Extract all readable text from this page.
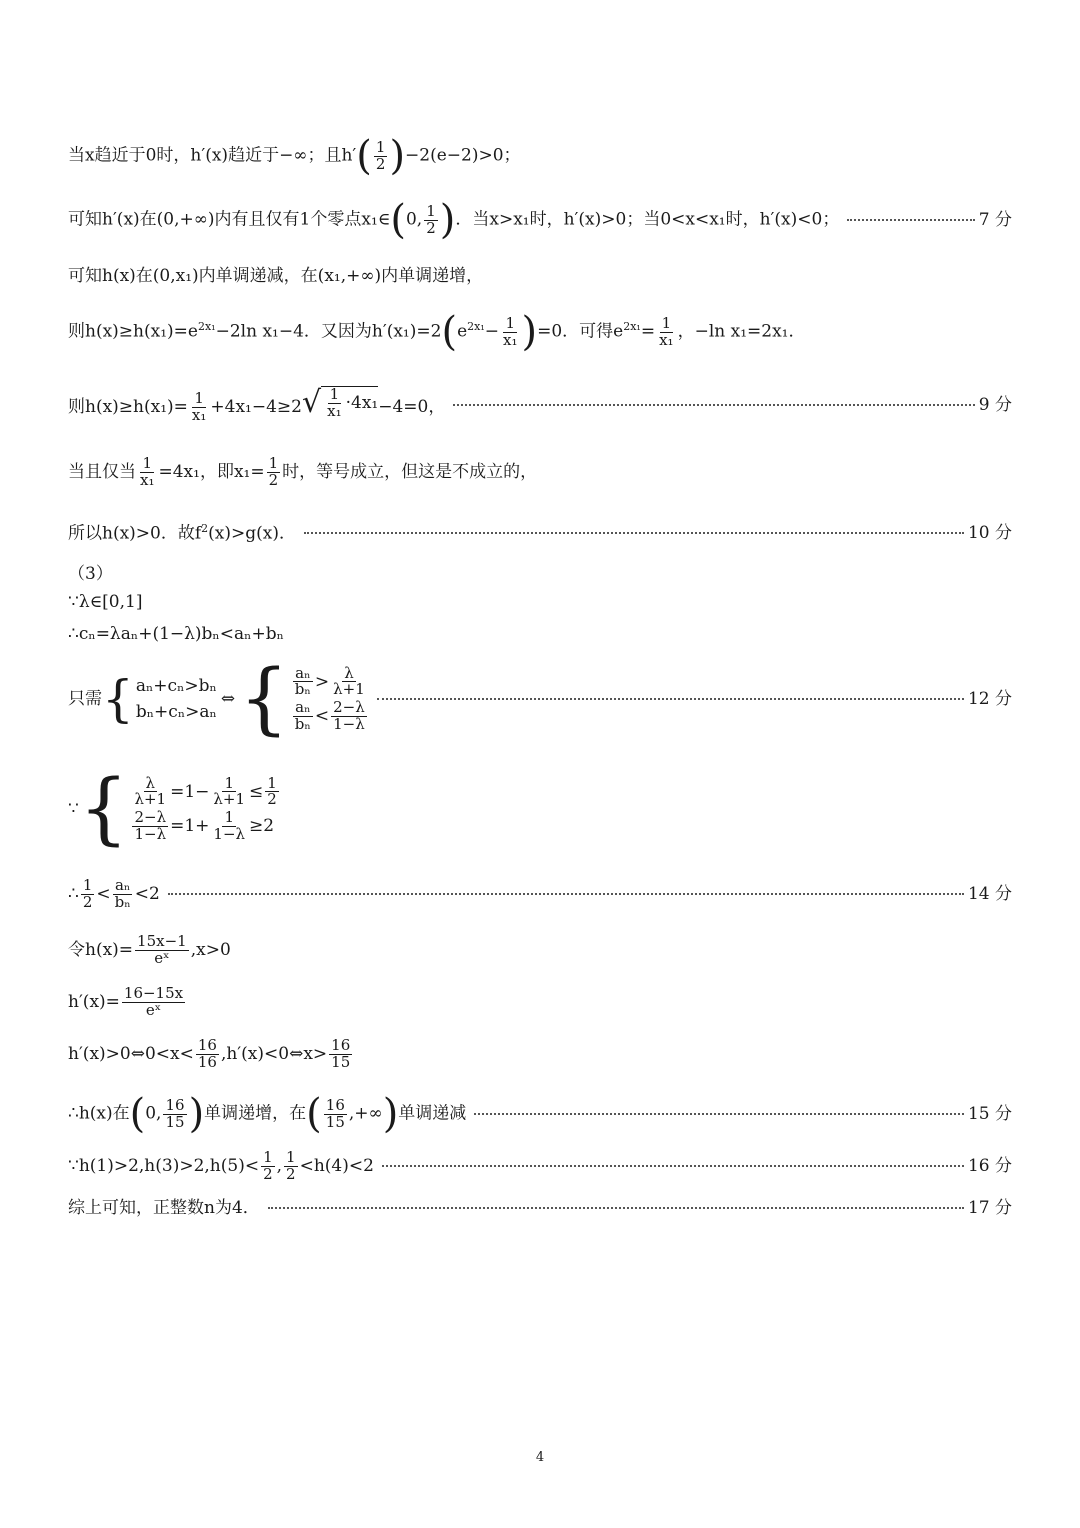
当x趋近于0时，h′(x)趋近于−∞；且$h'( \frac{1}{2} )-2(e-2)>0$；
可知h′(x)在(0,+∞)内有且仅有1个零点x₁∈(0, $\frac{1}{2}$ )．当x>x₁时，h′(x)>0；当0<x<x₁时，h′(x)<0；	7 分
可知h(x)在(0,x₁)内单调递减，在(x₁,+∞)内单调递增，
则$h(x)\ge h(x_1)=e^{2x_1}-2\ln$ x₁−4．又因为$h'(x_1)=2(e^{2x_1}- \frac{1}{\text{x₁}} )=0$．可得$e^{2x_1}= \frac{1}{\text{x₁}}$ ，−ln x₁=2x₁．
则$h(x)\ge h(x_1)= \frac{1}{\text{x₁}} +4x_1-4\ge 2$ √ $\frac{1}{\text{x₁}} \cdot 4x_1 -4=0$，	9 分
当且仅当 $\frac{1}{\text{x₁}} =4x_1$，即$x_1= \frac{1}{2}$ 时，等号成立，但这是不成立的，
所以h(x)>0．故$f^2(x)>g(x)$．	10 分
（3）
∵λ∈[0,1]
∴cₙ=λaₙ+(1−λ)bₙ<aₙ+bₙ
只需 { aₙ+cₙ>bₙ
bₙ+cₙ>aₙ
⇔ { $\frac{\text{aₙ}}{\text{bₙ}} > \frac{\lambda}{\lambda+1}$
$\frac{\text{aₙ}}{\text{bₙ}} < \frac{2-\lambda}{1-\lambda}$
12 分
∵ { $\frac{\lambda}{\lambda+1} =1- \frac{1}{\lambda+1} \le \frac{1}{2}$
$\frac{2-\lambda}{1-\lambda} =1+ \frac{1}{1-\lambda} \ge 2$
∴ $\frac{1}{2} < \frac{\text{aₙ}}{\text{bₙ}} <2$	14 分
令$h(x)= \frac{15x-1}{\text{eˣ}} ,x>0$
$h'(x)= \frac{16-15x}{\text{eˣ}}$
h′(x)>0⇔0<x< $\frac{16}{16}$ ,h′(x)<0⇔x> $\frac{16}{15}$
∴h(x)在(0, $\frac{16}{15}$ )单调递增，在( $\frac{16}{15}$ ,+∞)单调递减	15 分
∵h(1)>2,h(3)>2,h(5)< $\frac{1}{2}$ , $\frac{1}{2} <h(4)<2$	16 分
综上可知，正整数n为4．	17 分
4
